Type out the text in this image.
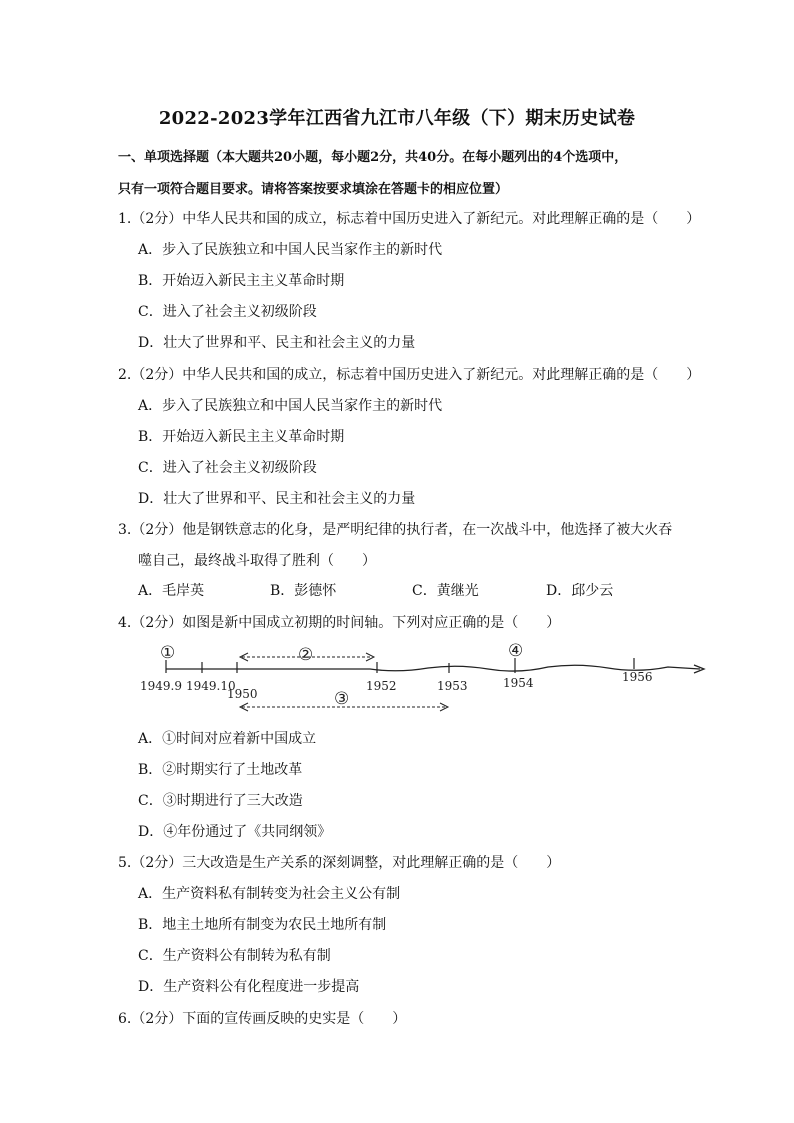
2022-2023学年江西省九江市八年级（下）期末历史试卷
一、单项选择题（本大题共20小题，每小题2分，共40分。在每小题列出的4个选项中，
只有一项符合题目要求。请将答案按要求填涂在答题卡的相应位置）
1.（2分）中华人民共和国的成立，标志着中国历史进入了新纪元。对此理解正确的是（　　）
A．步入了民族独立和中国人民当家作主的新时代
B．开始迈入新民主主义革命时期
C．进入了社会主义初级阶段
D．壮大了世界和平、民主和社会主义的力量
2.（2分）中华人民共和国的成立，标志着中国历史进入了新纪元。对此理解正确的是（　　）
A．步入了民族独立和中国人民当家作主的新时代
B．开始迈入新民主主义革命时期
C．进入了社会主义初级阶段
D．壮大了世界和平、民主和社会主义的力量
3.（2分）他是钢铁意志的化身，是严明纪律的执行者，在一次战斗中，他选择了被大火吞
噬自己，最终战斗取得了胜利（　　）
A．毛岸英	B．彭德怀	C．黄继光	D．邱少云
4.（2分）如图是新中国成立初期的时间轴。下列对应正确的是（　　）
①	②
③
④
1949.9 1949.10
1950
1952	1953	1954	1956
A．①时间对应着新中国成立
B．②时期实行了土地改革
C．③时期进行了三大改造
D．④年份通过了《共同纲领》
5.（2分）三大改造是生产关系的深刻调整，对此理解正确的是（　　）
A．生产资料私有制转变为社会主义公有制
B．地主土地所有制变为农民土地所有制
C．生产资料公有制转为私有制
D．生产资料公有化程度进一步提高
6.（2分）下面的宣传画反映的史实是（　　）
